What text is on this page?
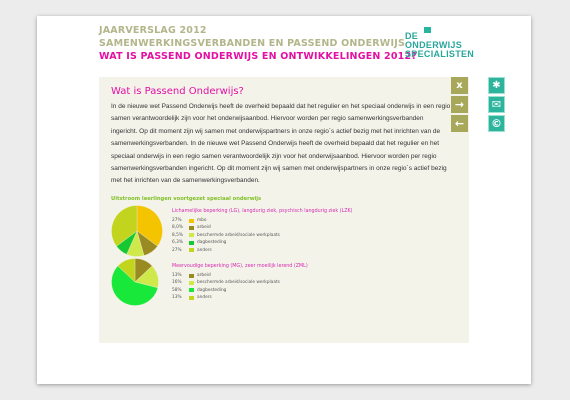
JAARVERSLAG 2012
SAMENWERKINGSVERBANDEN EN PASSEND ONDERWIJS
WAT IS PASSEND ONDERWIJS EN ONTWIKKELINGEN 2012?
DE
ONDERWIJS
SPECIALISTEN
Wat is Passend Onderwijs?

In de nieuwe wet Passend Onderwijs heeft de overheid bepaald dat het regulier en het speciaal onderwijs in een regio samen verantwoordelijk zijn voor het onderwijsaanbod. Hiervoor worden per regio samenwerkingsverbanden ingericht. Op dit moment zijn wij samen met onderwijspartners in onze regio´s actief bezig met het inrichten van de samenwerkingsverbanden. In de nieuwe wet Passend Onderwijs heeft de overheid bepaald dat het regulier en het speciaal onderwijs in een regio samen verantwoordelijk zijn voor het onderwijsaanbod. Hiervoor worden per regio samenwerkingsverbanden ingericht. Op dit moment zijn wij samen met onderwijspartners in onze regio´s actief bezig met het inrichten van de samenwerkingsverbanden.

Uitstroom leerlingen voortgezet speciaal onderwijs
Lichamelijke beperking (LG), langdurig ziek, psychisch langdurig ziek (LZK)
27%	mbo
8,0%	arbeid
8,5%	beschermde arbeid/sociale werkplaats
6,3%	dagbesteding
27%	anders
Meervoudige beperking (MG), zeer moeilijk lerend (ZML)
13%	arbeid
16%	beschermde arbeid/sociale werkplaats
58%	dagbesteding
13%	anders
x
→
←
✱
✉
©
